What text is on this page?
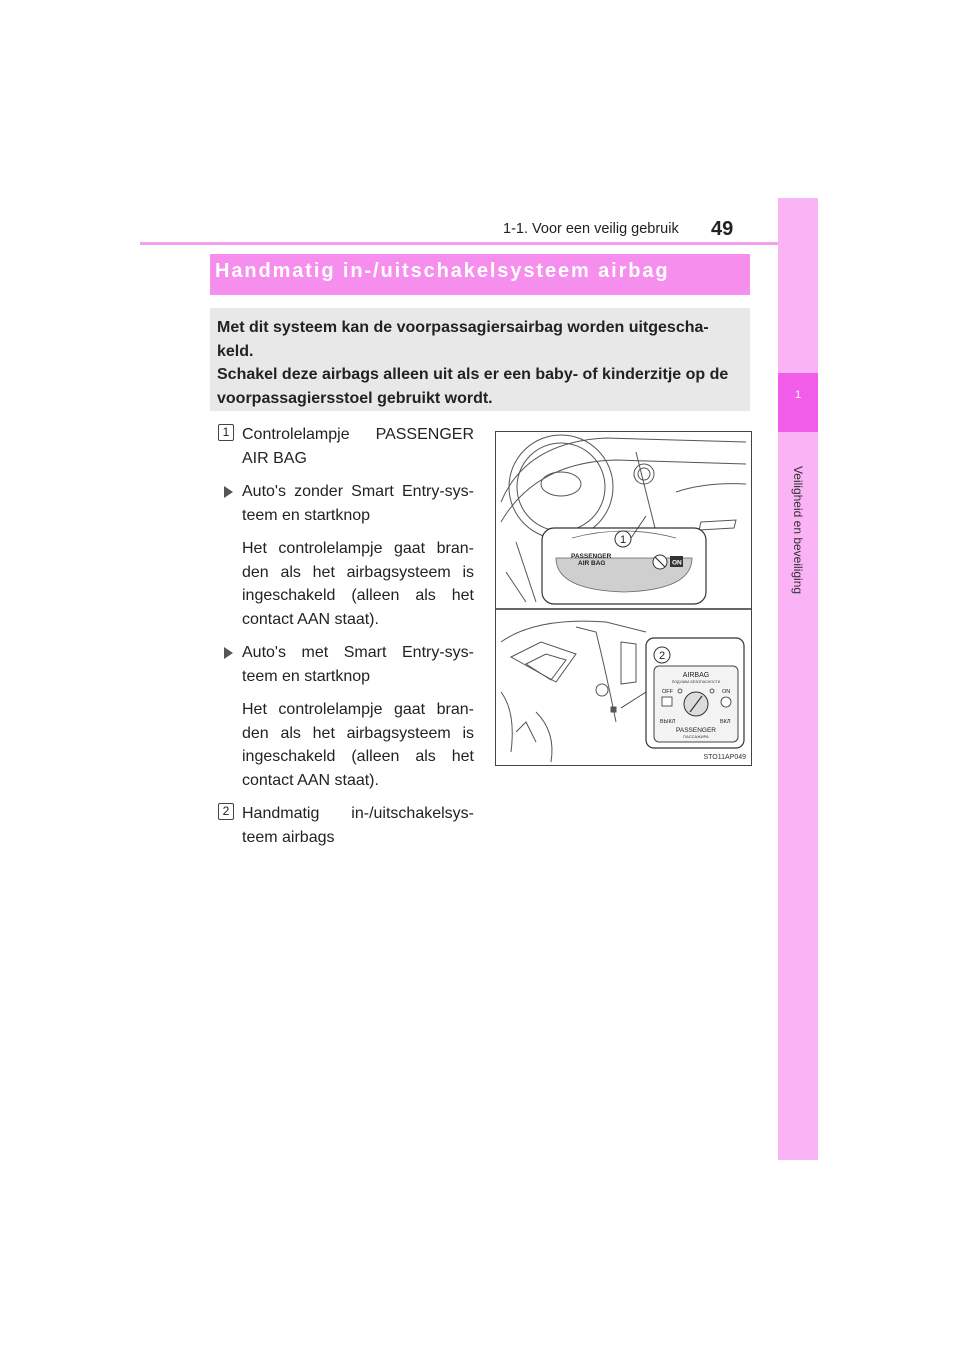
49
1-1. Voor een veilig gebruik
1
Veiligheid en beveiliging
Handmatig in-/uitschakelsysteem airbag

Met dit systeem kan de voorpassagiersairbag worden uitgescha-keld.
Schakel deze airbags alleen uit als er een baby- of kinderzitje op de voorpassagiersstoel gebruikt wordt.

1 Controlelampje PASSENGER AIR BAG
Auto's zonder Smart Entry-sys-teem en startknop
Het controlelampje gaat bran-den als het airbagsysteem is ingeschakeld (alleen als het contact AAN staat).
Auto's met Smart Entry-sys-teem en startknop
Het controlelampje gaat bran-den als het airbagsysteem is ingeschakeld (alleen als het contact AAN staat).
2 Handmatig in-/uitschakelsys-teem airbags
PASSENGER
AIR BAG	ON
1
2
AIRBAG
ПОДУШКА БЕЗОПАСНОСТИ
OFF	ON
ВЫКЛ	ВКЛ
PASSENGER
ПАССАЖИРА
STO11AP049
